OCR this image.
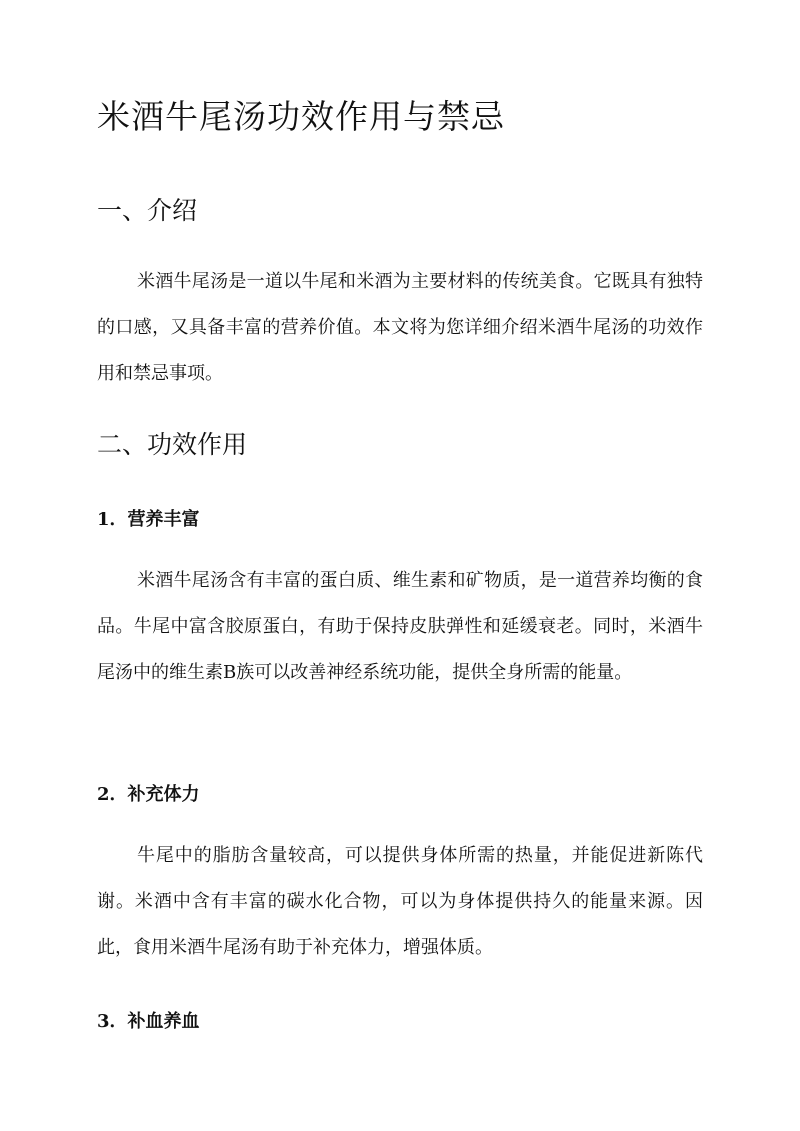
米酒牛尾汤功效作用与禁忌
一、介绍

米酒牛尾汤是一道以牛尾和米酒为主要材料的传统美食。它既具有独特的口感，又具备丰富的营养价值。本文将为您详细介绍米酒牛尾汤的功效作用和禁忌事项。

二、功效作用
1．营养丰富

米酒牛尾汤含有丰富的蛋白质、维生素和矿物质，是一道营养均衡的食品。牛尾中富含胶原蛋白，有助于保持皮肤弹性和延缓衰老。同时，米酒牛尾汤中的维生素B族可以改善神经系统功能，提供全身所需的能量。

2．补充体力

牛尾中的脂肪含量较高，可以提供身体所需的热量，并能促进新陈代谢。米酒中含有丰富的碳水化合物，可以为身体提供持久的能量来源。因此，食用米酒牛尾汤有助于补充体力，增强体质。

3．补血养血
